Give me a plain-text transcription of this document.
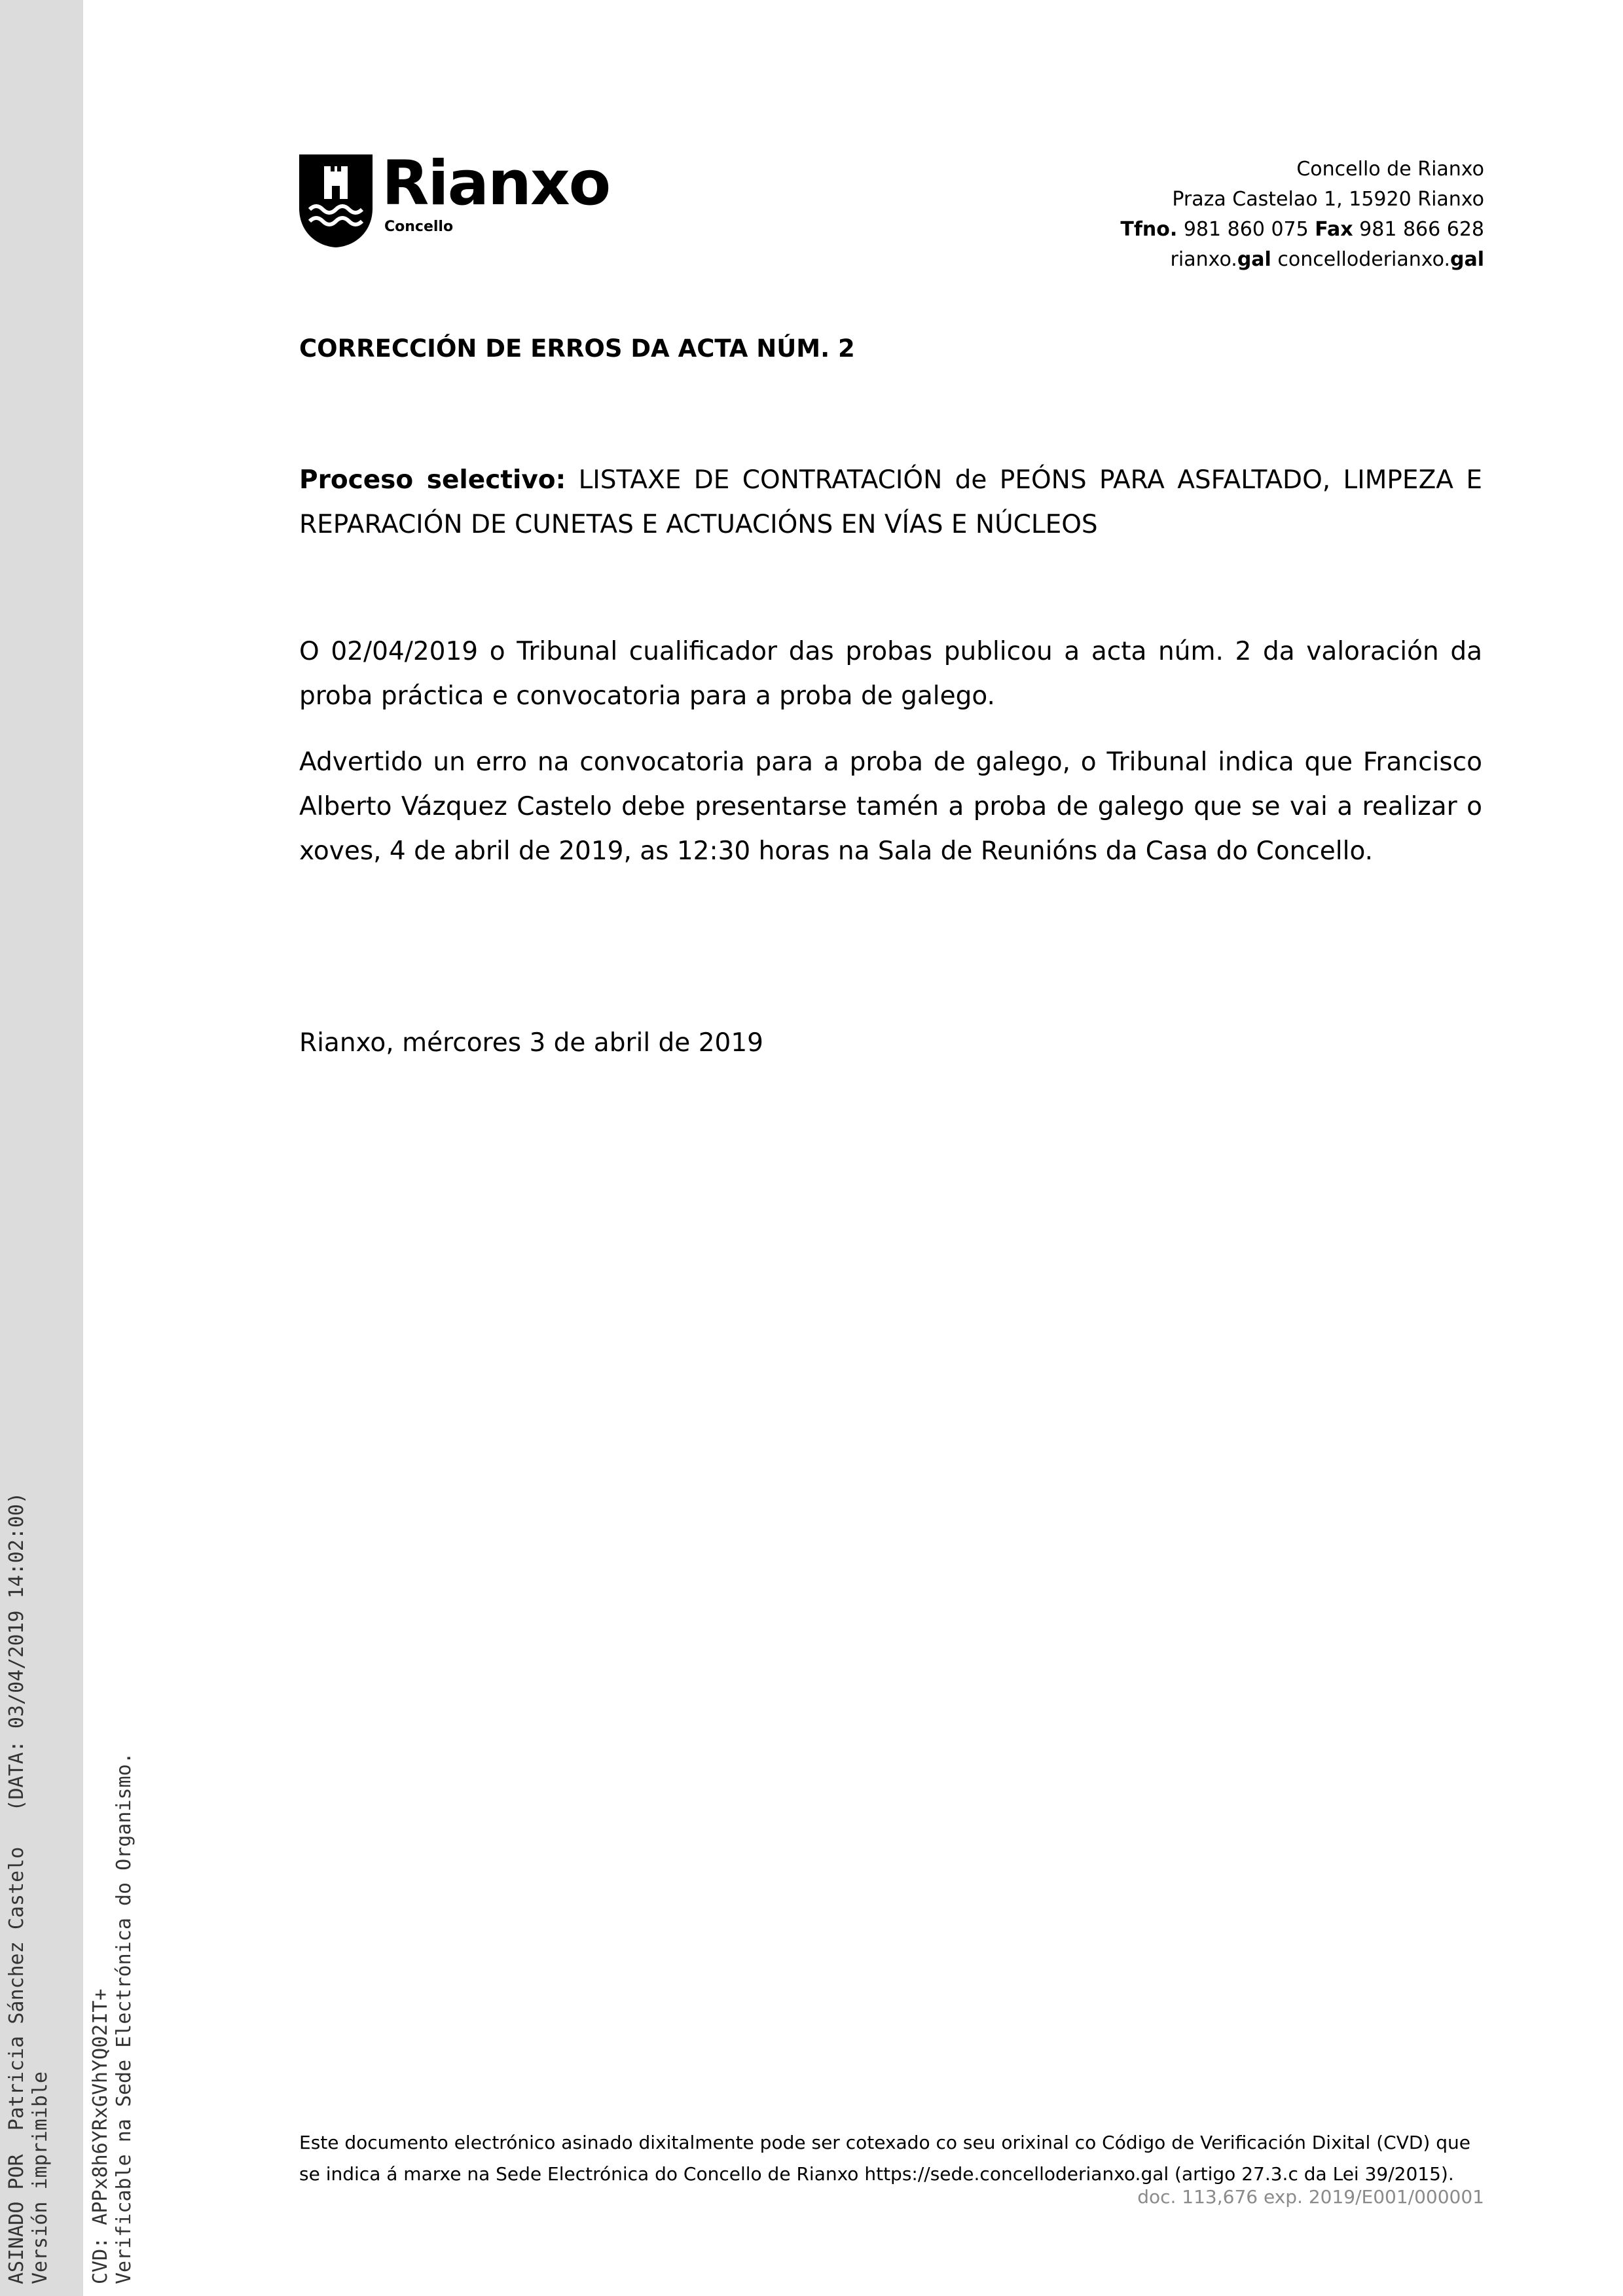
ASINADO POR  Patricia Sánchez Castelo   (DATA: 03/04/2019 14:02:00) Versión imprimible CVD: APPx8h6YRxGVhYQ02IT+ Verificable na Sede Electrónica do Organismo.
Rianxo
Concello
Concello de Rianxo
Praza Castelao 1, 15920 Rianxo
Tfno. 981 860 075 Fax 981 866 628
rianxo.gal concelloderianxo.gal
CORRECCIÓN DE ERROS DA ACTA NÚM. 2
Proceso selectivo: LISTAXE DE CONTRATACIÓN de PEÓNS PARA ASFALTADO, LIMPEZA E REPARACIÓN DE CUNETAS E ACTUACIÓNS EN VÍAS E NÚCLEOS
O 02/04/2019 o Tribunal cualificador das probas publicou a acta núm. 2 da valoración da proba práctica e convocatoria para a proba de galego.
Advertido un erro na convocatoria para a proba de galego, o Tribunal indica que Francisco Alberto Vázquez Castelo debe presentarse tamén a proba de galego que se vai a realizar o xoves, 4 de abril de 2019, as 12:30 horas na Sala de Reunións da Casa do Concello.
Rianxo, mércores 3 de abril de 2019
Este documento electrónico asinado dixitalmente pode ser cotexado co seu orixinal co Código de Verificación Dixital (CVD) que se indica á marxe na Sede Electrónica do Concello de Rianxo https://sede.concelloderianxo.gal (artigo 27.3.c da Lei 39/2015).
doc. 113,676 exp. 2019/E001/000001
